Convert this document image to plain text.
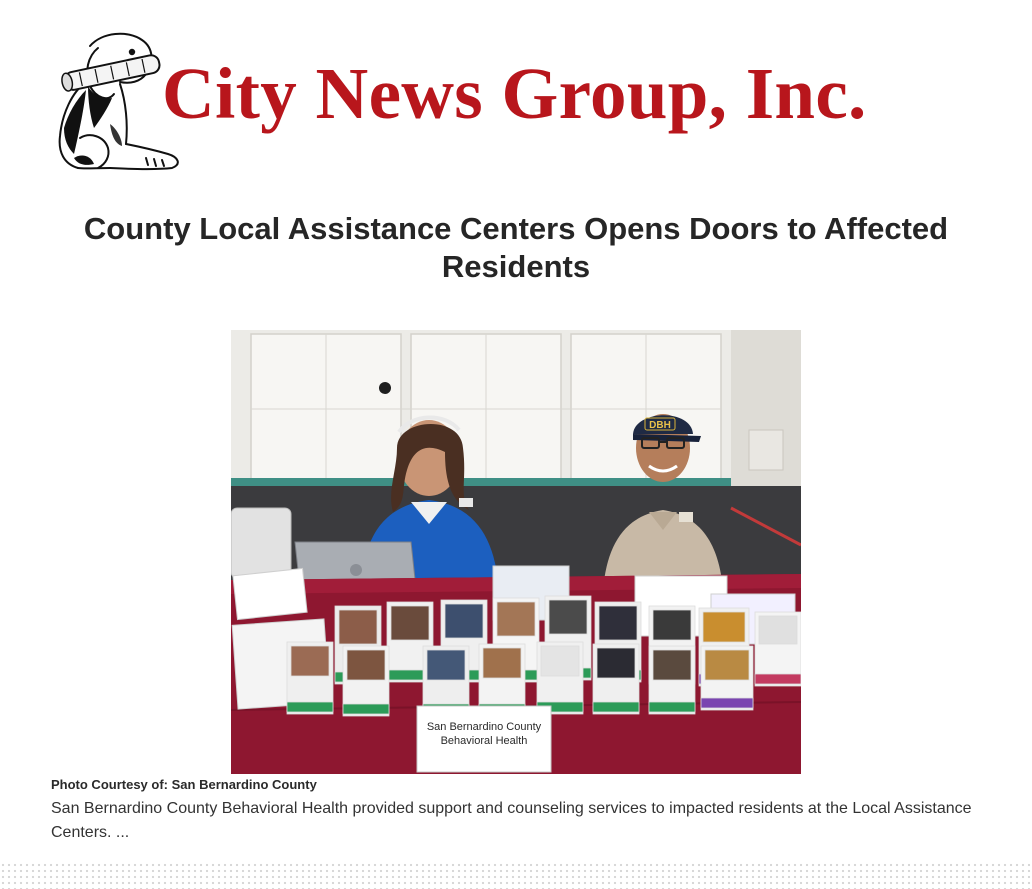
City News Group, Inc.
County Local Assistance Centers Opens Doors to Affected Residents
DBH
San Bernardino County
Behavioral Health
Photo Courtesy of: San Bernardino County

San Bernardino County Behavioral Health provided support and counseling services to impacted residents at the Local Assistance Centers. ...
